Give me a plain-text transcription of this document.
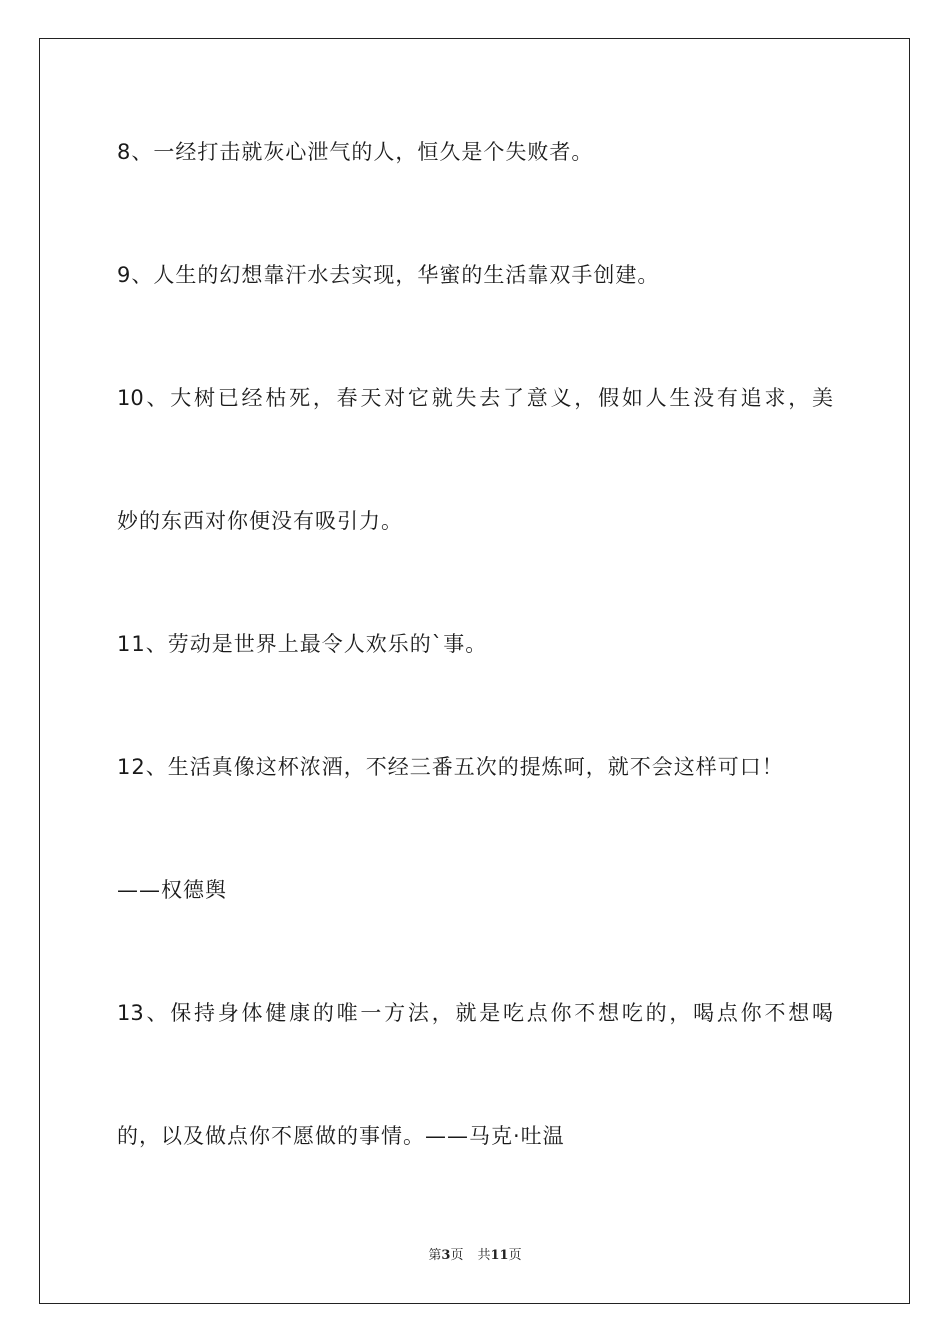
8、一经打击就灰心泄气的人，恒久是个失败者。
9、人生的幻想靠汗水去实现，华蜜的生活靠双手创建。
10、大树已经枯死，春天对它就失去了意义，假如人生没有追求，美
妙的东西对你便没有吸引力。
11、劳动是世界上最令人欢乐的`事。
12、生活真像这杯浓酒，不经三番五次的提炼呵，就不会这样可口！
——权德舆
13、保持身体健康的唯一方法，就是吃点你不想吃的，喝点你不想喝
的，以及做点你不愿做的事情。——马克·吐温
第3页 共11页
